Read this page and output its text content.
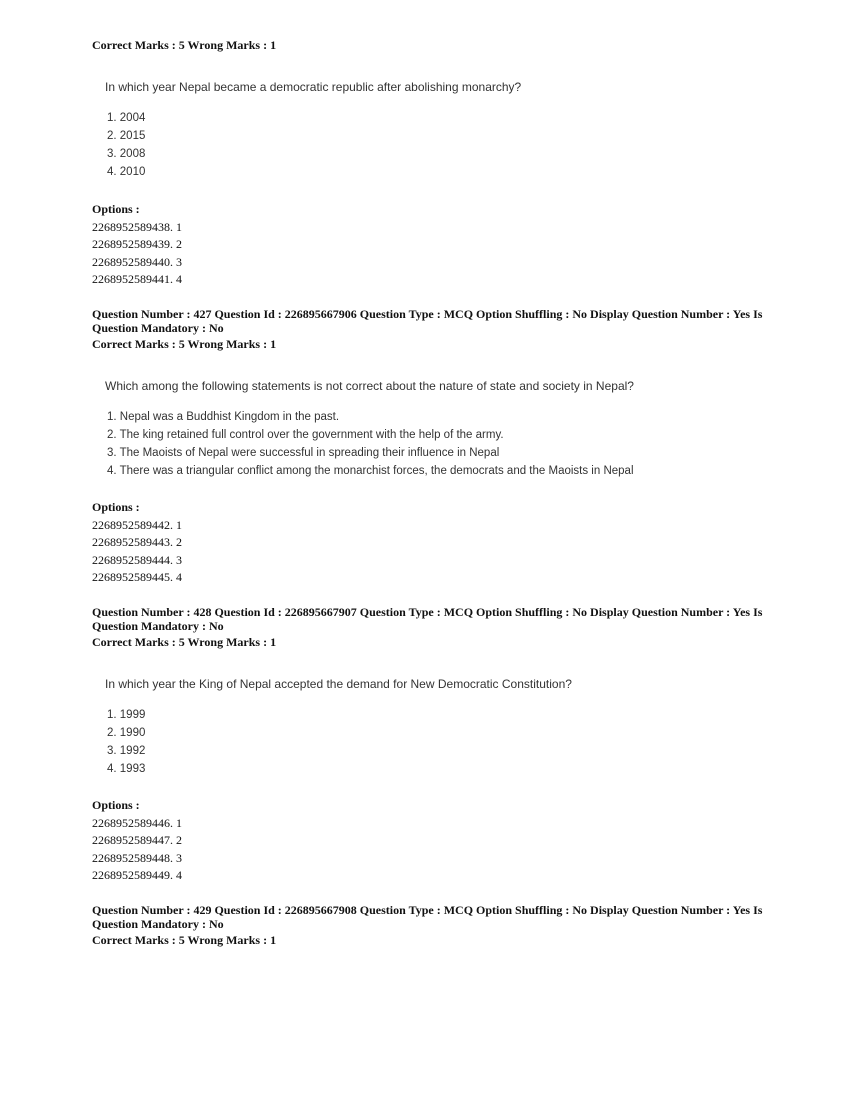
Correct Marks : 5 Wrong Marks : 1
In which year Nepal became a democratic republic after abolishing monarchy?
1. 2004
2. 2015
3. 2008
4. 2010
Options :
2268952589438. 1
2268952589439. 2
2268952589440. 3
2268952589441. 4
Question Number : 427 Question Id : 226895667906 Question Type : MCQ Option Shuffling : No Display Question Number : Yes Is
Question Mandatory : No
Correct Marks : 5 Wrong Marks : 1
Which among the following statements is not correct about the nature of state and society in Nepal?
1. Nepal was a Buddhist Kingdom in the past.
2. The king retained full control over the government with the help of the army.
3. The Maoists of Nepal were successful in spreading their influence in Nepal
4. There was a triangular conflict among the monarchist forces, the democrats and the Maoists in Nepal
Options :
2268952589442. 1
2268952589443. 2
2268952589444. 3
2268952589445. 4
Question Number : 428 Question Id : 226895667907 Question Type : MCQ Option Shuffling : No Display Question Number : Yes Is
Question Mandatory : No
Correct Marks : 5 Wrong Marks : 1
In which year the King of Nepal accepted the demand for New Democratic Constitution?
1. 1999
2. 1990
3. 1992
4. 1993
Options :
2268952589446. 1
2268952589447. 2
2268952589448. 3
2268952589449. 4
Question Number : 429 Question Id : 226895667908 Question Type : MCQ Option Shuffling : No Display Question Number : Yes Is
Question Mandatory : No
Correct Marks : 5 Wrong Marks : 1
